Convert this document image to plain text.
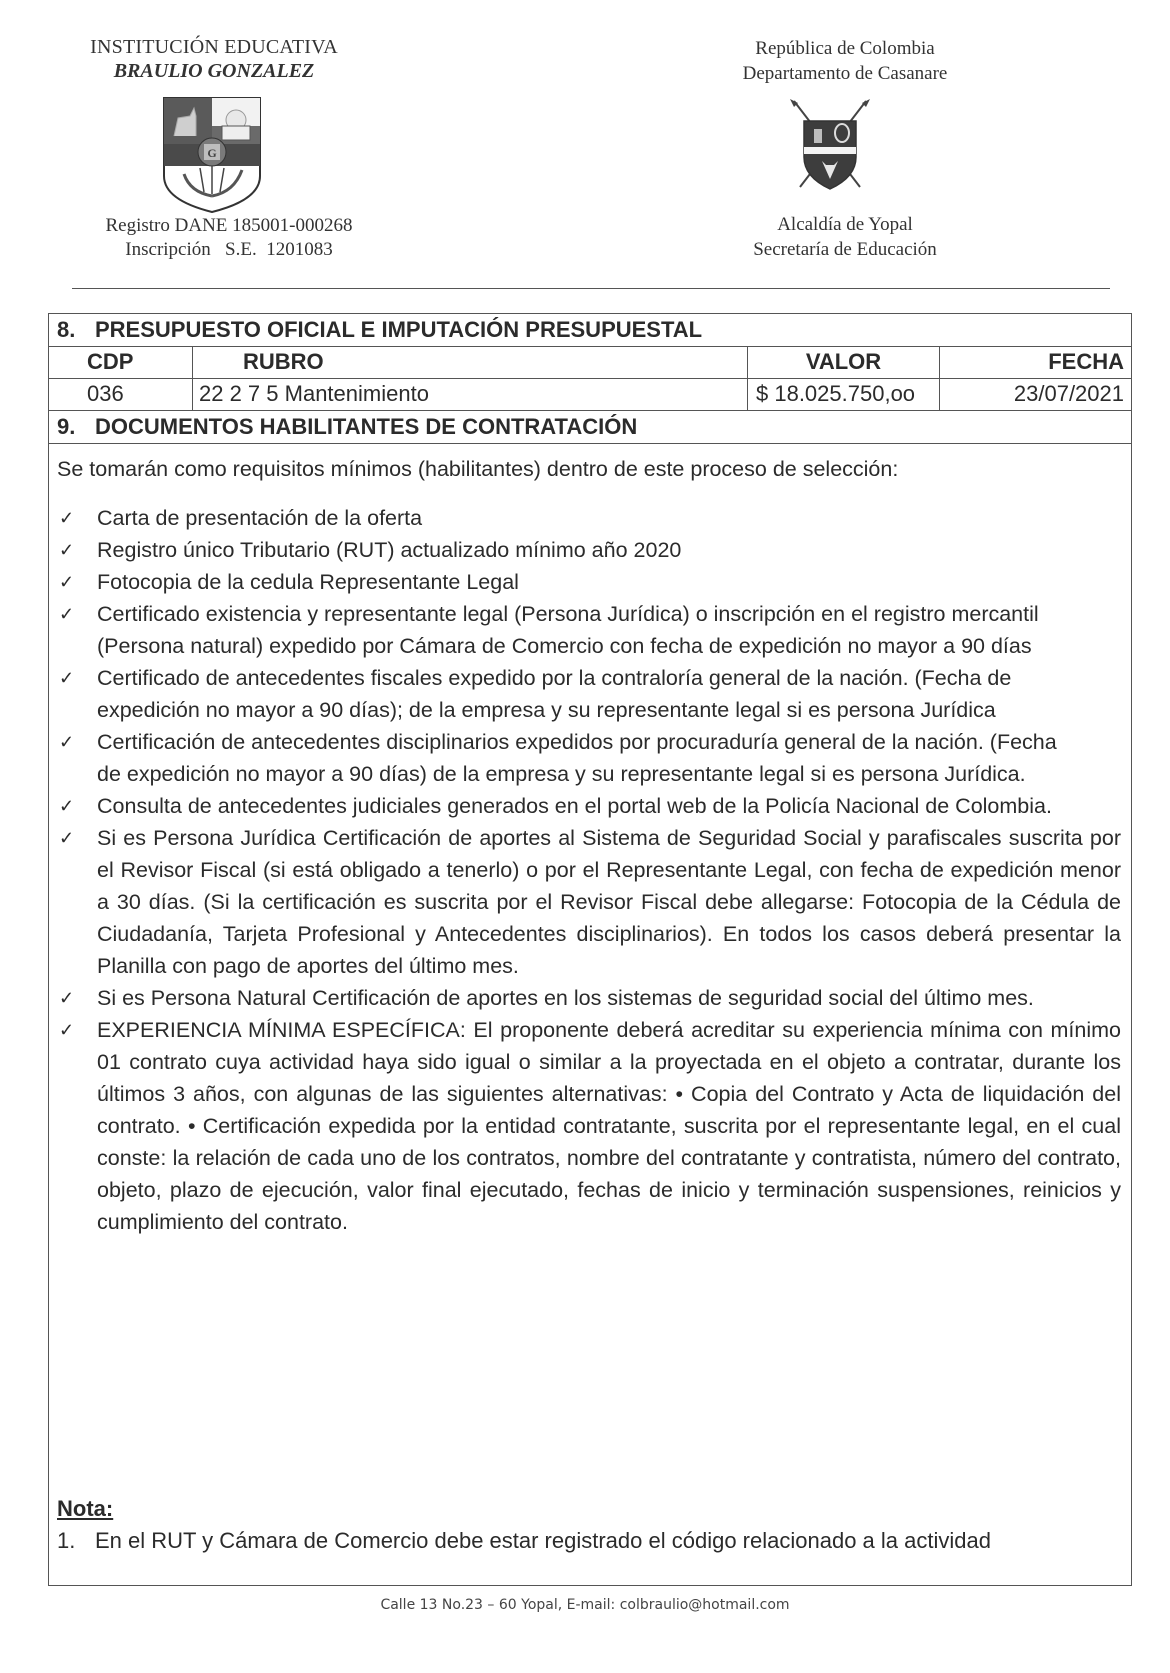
INSTITUCIÓN EDUCATIVA
BRAULIO GONZALEZ
Registro DANE 185001-000268
Inscripción   S.E.  1201083
G
República de Colombia
Departamento de Casanare
Alcaldía de Yopal
Secretaría de Educación
8. PRESUPUESTO OFICIAL E IMPUTACIÓN PRESUPUESTAL
CDP	RUBRO	VALOR	FECHA
036	22 2 7 5 Mantenimiento	$ 18.025.750,oo	23/07/2021
9. DOCUMENTOS HABILITANTES DE CONTRATACIÓN
Se tomarán como requisitos mínimos (habilitantes) dentro de este proceso de selección:
✓ Carta de presentación de la oferta
✓ Registro único Tributario (RUT) actualizado mínimo año 2020
✓ Fotocopia de la cedula Representante Legal
✓ Certificado existencia y representante legal (Persona Jurídica) o inscripción en el registro mercantil (Persona natural) expedido por Cámara de Comercio con fecha de expedición no mayor a 90 días
✓ Certificado de antecedentes fiscales expedido por la contraloría general de la nación. (Fecha de expedición no mayor a 90 días); de la empresa y su representante legal si es persona Jurídica
✓ Certificación de antecedentes disciplinarios expedidos por procuraduría general de la nación. (Fecha de expedición no mayor a 90 días) de la empresa y su representante legal si es persona Jurídica.
✓ Consulta de antecedentes judiciales generados en el portal web de la Policía Nacional de Colombia.
✓ Si es Persona Jurídica Certificación de aportes al Sistema de Seguridad Social y parafiscales suscrita por el Revisor Fiscal (si está obligado a tenerlo) o por el Representante Legal, con fecha de expedición menor a 30 días. (Si la certificación es suscrita por el Revisor Fiscal debe allegarse: Fotocopia de la Cédula de Ciudadanía, Tarjeta Profesional y Antecedentes disciplinarios). En todos los casos deberá presentar la Planilla con pago de aportes del último mes.
✓ Si es Persona Natural Certificación de aportes en los sistemas de seguridad social del último mes.
✓ EXPERIENCIA MÍNIMA ESPECÍFICA: El proponente deberá acreditar su experiencia mínima con mínimo 01 contrato cuya actividad haya sido igual o similar a la proyectada en el objeto a contratar, durante los últimos 3 años, con algunas de las siguientes alternativas: • Copia del Contrato y Acta de liquidación del contrato. • Certificación expedida por la entidad contratante, suscrita por el representante legal, en el cual conste: la relación de cada uno de los contratos, nombre del contratante y contratista, número del contrato, objeto, plazo de ejecución, valor final ejecutado, fechas de inicio y terminación suspensiones, reinicios y cumplimiento del contrato.
Nota:
1. En el RUT y Cámara de Comercio debe estar registrado el código relacionado a la actividad
Calle 13 No.23 – 60 Yopal, E-mail: colbraulio@hotmail.com
